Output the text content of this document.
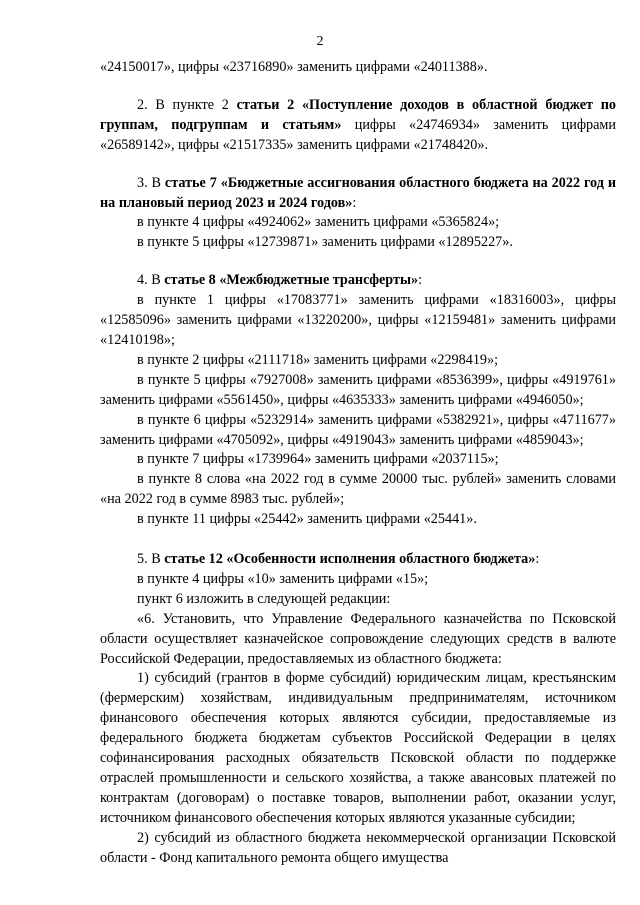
2

«24150017», цифры «23716890» заменить цифрами «24011388».

2. В пункте 2 статьи 2 «Поступление доходов в областной бюджет по группам, подгруппам и статьям» цифры «24746934» заменить цифрами «26589142», цифры «21517335» заменить цифрами «21748420».

3. В статье 7 «Бюджетные ассигнования областного бюджета на 2022 год и на плановый период 2023 и 2024 годов»:

в пункте 4 цифры «4924062» заменить цифрами «5365824»;

в пункте 5 цифры «12739871» заменить цифрами «12895227».

4. В статье 8 «Межбюджетные трансферты»:

в пункте 1 цифры «17083771» заменить цифрами «18316003», цифры «12585096» заменить цифрами «13220200», цифры «12159481» заменить цифрами «12410198»;

в пункте 2 цифры «2111718» заменить цифрами «2298419»;

в пункте 5 цифры «7927008» заменить цифрами «8536399», цифры «4919761» заменить цифрами «5561450», цифры «4635333» заменить цифрами «4946050»;

в пункте 6 цифры «5232914» заменить цифрами «5382921», цифры «4711677» заменить цифрами «4705092», цифры «4919043» заменить цифрами «4859043»;

в пункте 7 цифры «1739964» заменить цифрами «2037115»;

в пункте 8 слова «на 2022 год в сумме 20000 тыс. рублей» заменить словами «на 2022 год в сумме 8983 тыс. рублей»;

в пункте 11 цифры «25442» заменить цифрами «25441».

5. В статье 12 «Особенности исполнения областного бюджета»:

в пункте 4 цифры «10» заменить цифрами «15»;

пункт 6 изложить в следующей редакции:

«6. Установить, что Управление Федерального казначейства по Псковской области осуществляет казначейское сопровождение следующих средств в валюте Российской Федерации, предоставляемых из областного бюджета:

1) субсидий (грантов в форме субсидий) юридическим лицам, крестьянским (фермерским) хозяйствам, индивидуальным предпринимателям, источником финансового обеспечения которых являются субсидии, предоставляемые из федерального бюджета бюджетам субъектов Российской Федерации в целях софинансирования расходных обязательств Псковской области по поддержке отраслей промышленности и сельского хозяйства, а также авансовых платежей по контрактам (договорам) о поставке товаров, выполнении работ, оказании услуг, источником финансового обеспечения которых являются указанные субсидии;

2) субсидий из областного бюджета некоммерческой организации Псковской области - Фонд капитального ремонта общего имущества
